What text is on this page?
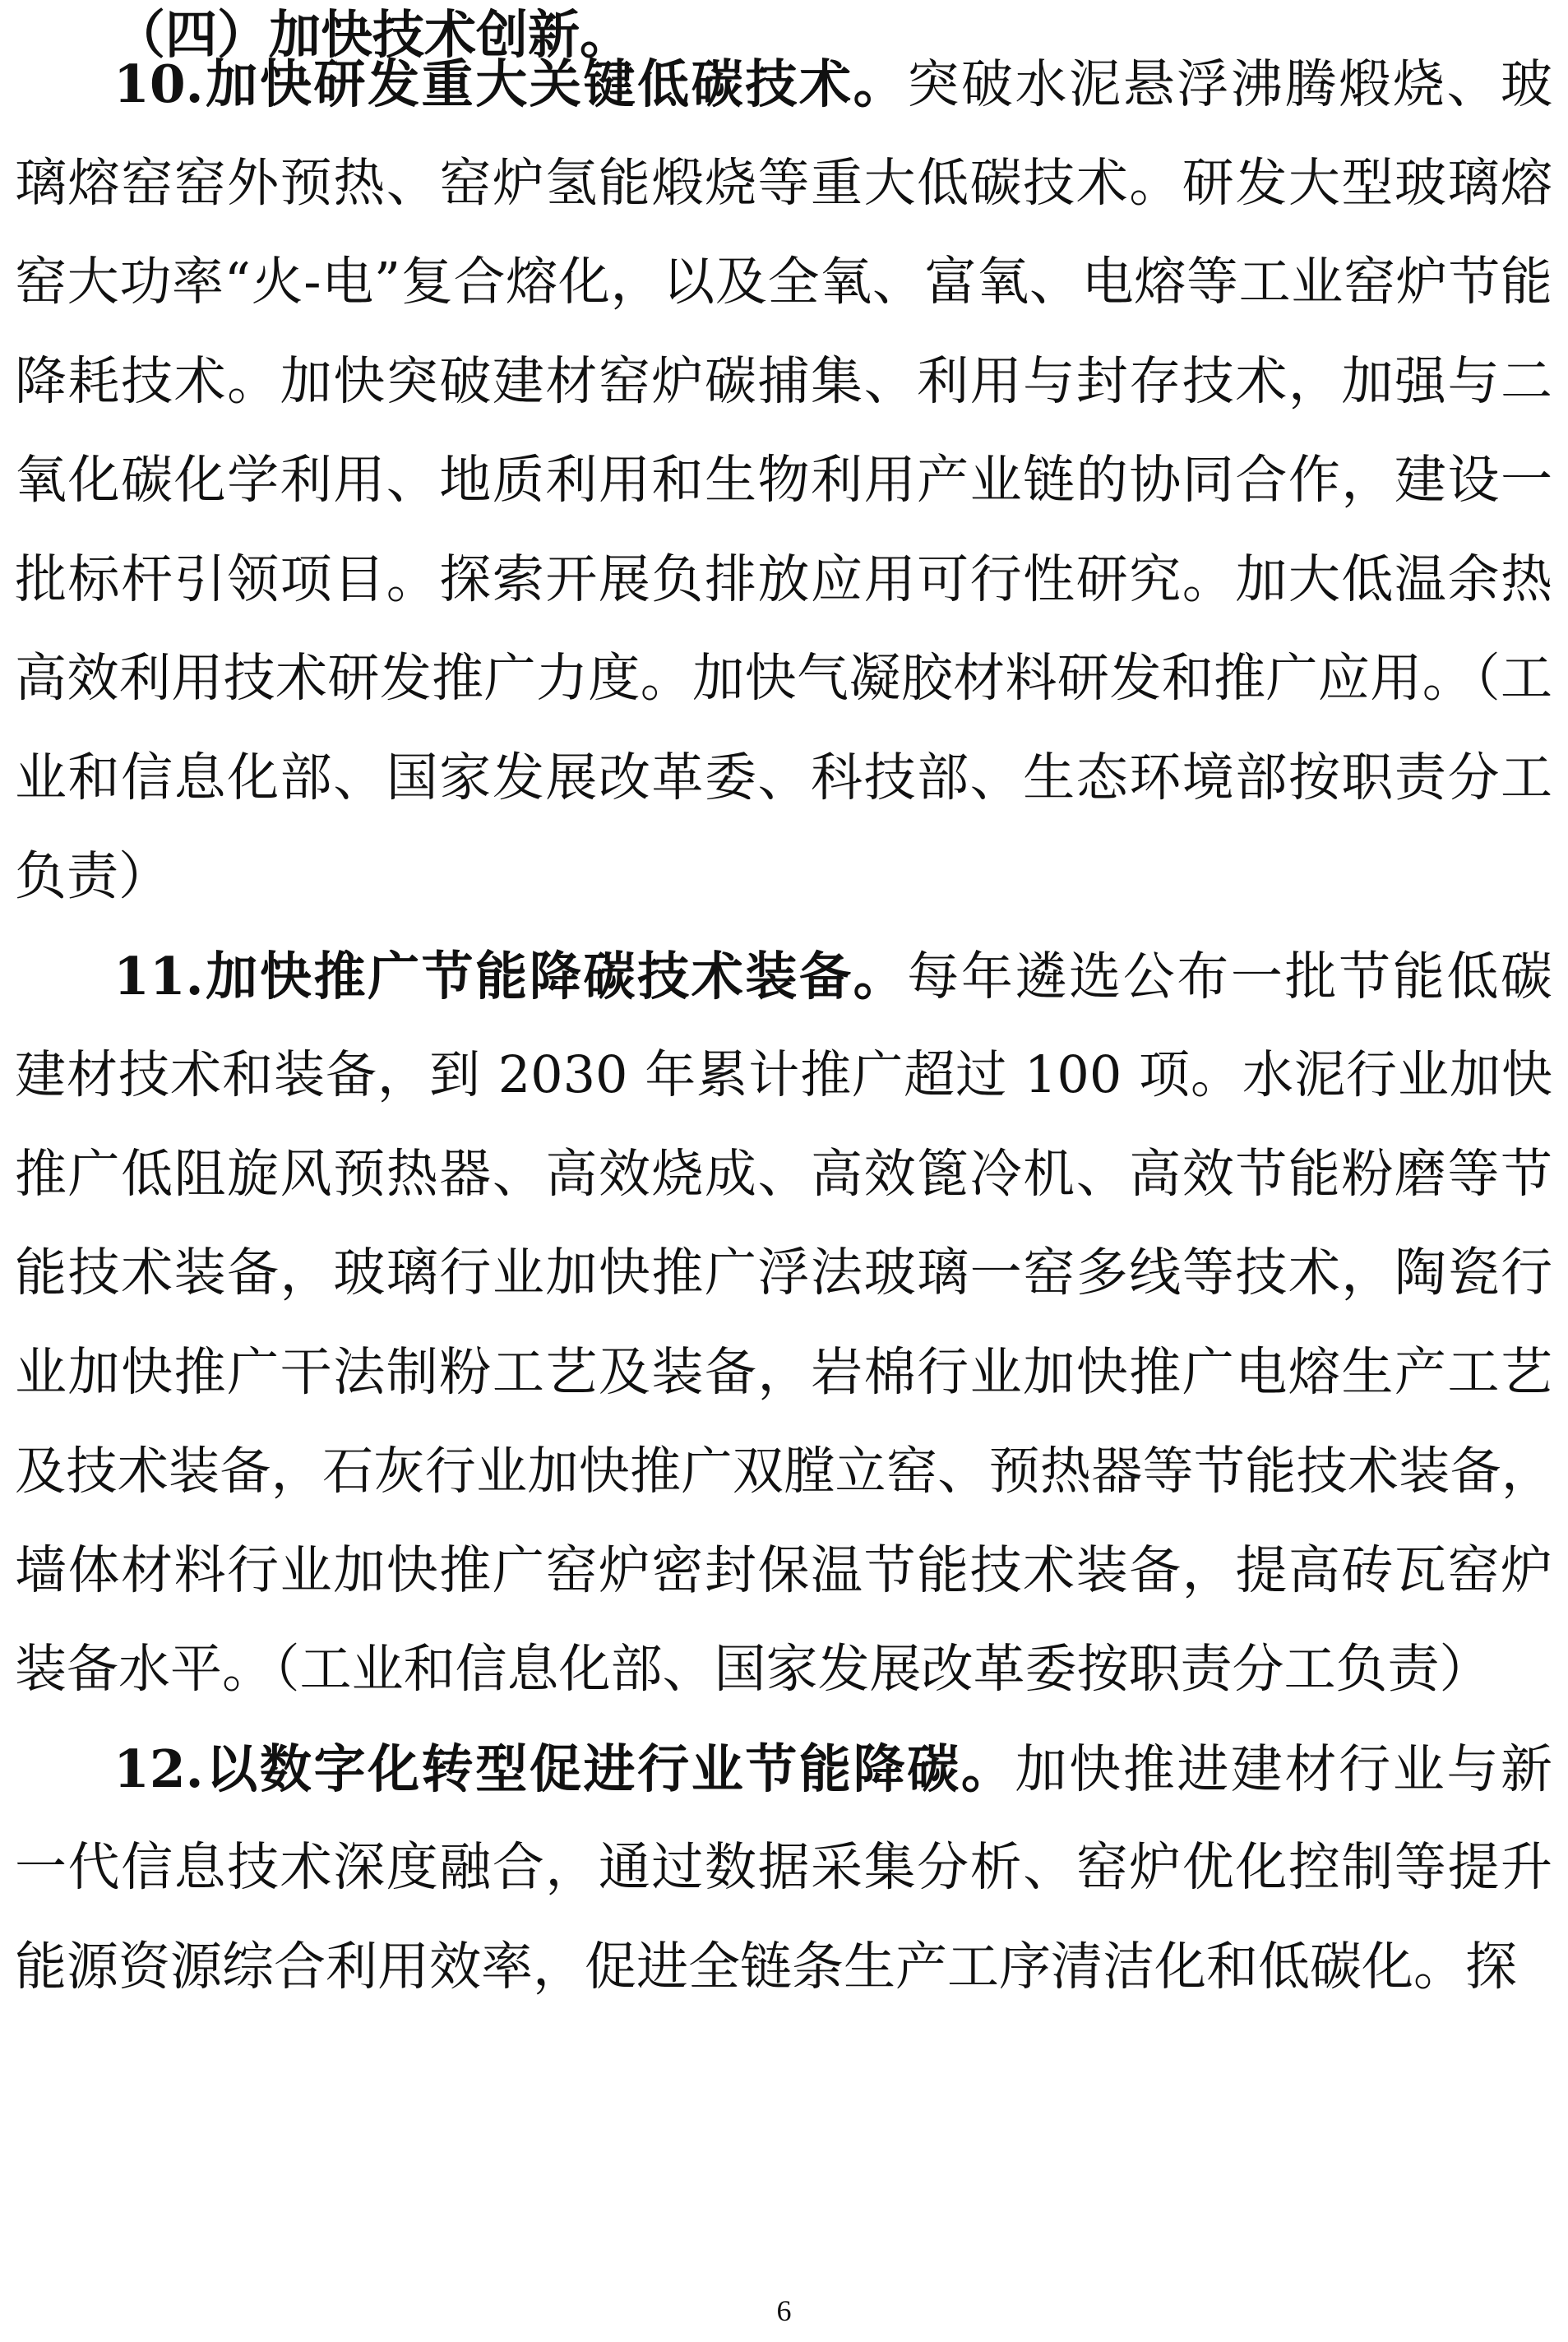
（四）加快技术创新。
10.加快研发重大关键低碳技术。突破水泥悬浮沸腾煅烧、玻
璃熔窑窑外预热、窑炉氢能煅烧等重大低碳技术。研发大型玻璃熔
窑大功率“火-电”复合熔化，以及全氧、富氧、电熔等工业窑炉节能
降耗技术。加快突破建材窑炉碳捕集、利用与封存技术，加强与二
氧化碳化学利用、地质利用和生物利用产业链的协同合作，建设一
批标杆引领项目。探索开展负排放应用可行性研究。加大低温余热
高效利用技术研发推广力度。加快气凝胶材料研发和推广应用。（工
业和信息化部、国家发展改革委、科技部、生态环境部按职责分工
负责）
11.加快推广节能降碳技术装备。每年遴选公布一批节能低碳
建材技术和装备，到 2030 年累计推广超过 100 项。水泥行业加快
推广低阻旋风预热器、高效烧成、高效篦冷机、高效节能粉磨等节
能技术装备，玻璃行业加快推广浮法玻璃一窑多线等技术，陶瓷行
业加快推广干法制粉工艺及装备，岩棉行业加快推广电熔生产工艺
及技术装备，石灰行业加快推广双膛立窑、预热器等节能技术装备，
墙体材料行业加快推广窑炉密封保温节能技术装备，提高砖瓦窑炉
装备水平。（工业和信息化部、国家发展改革委按职责分工负责）
12.以数字化转型促进行业节能降碳。加快推进建材行业与新
一代信息技术深度融合，通过数据采集分析、窑炉优化控制等提升
能源资源综合利用效率，促进全链条生产工序清洁化和低碳化。探
6
